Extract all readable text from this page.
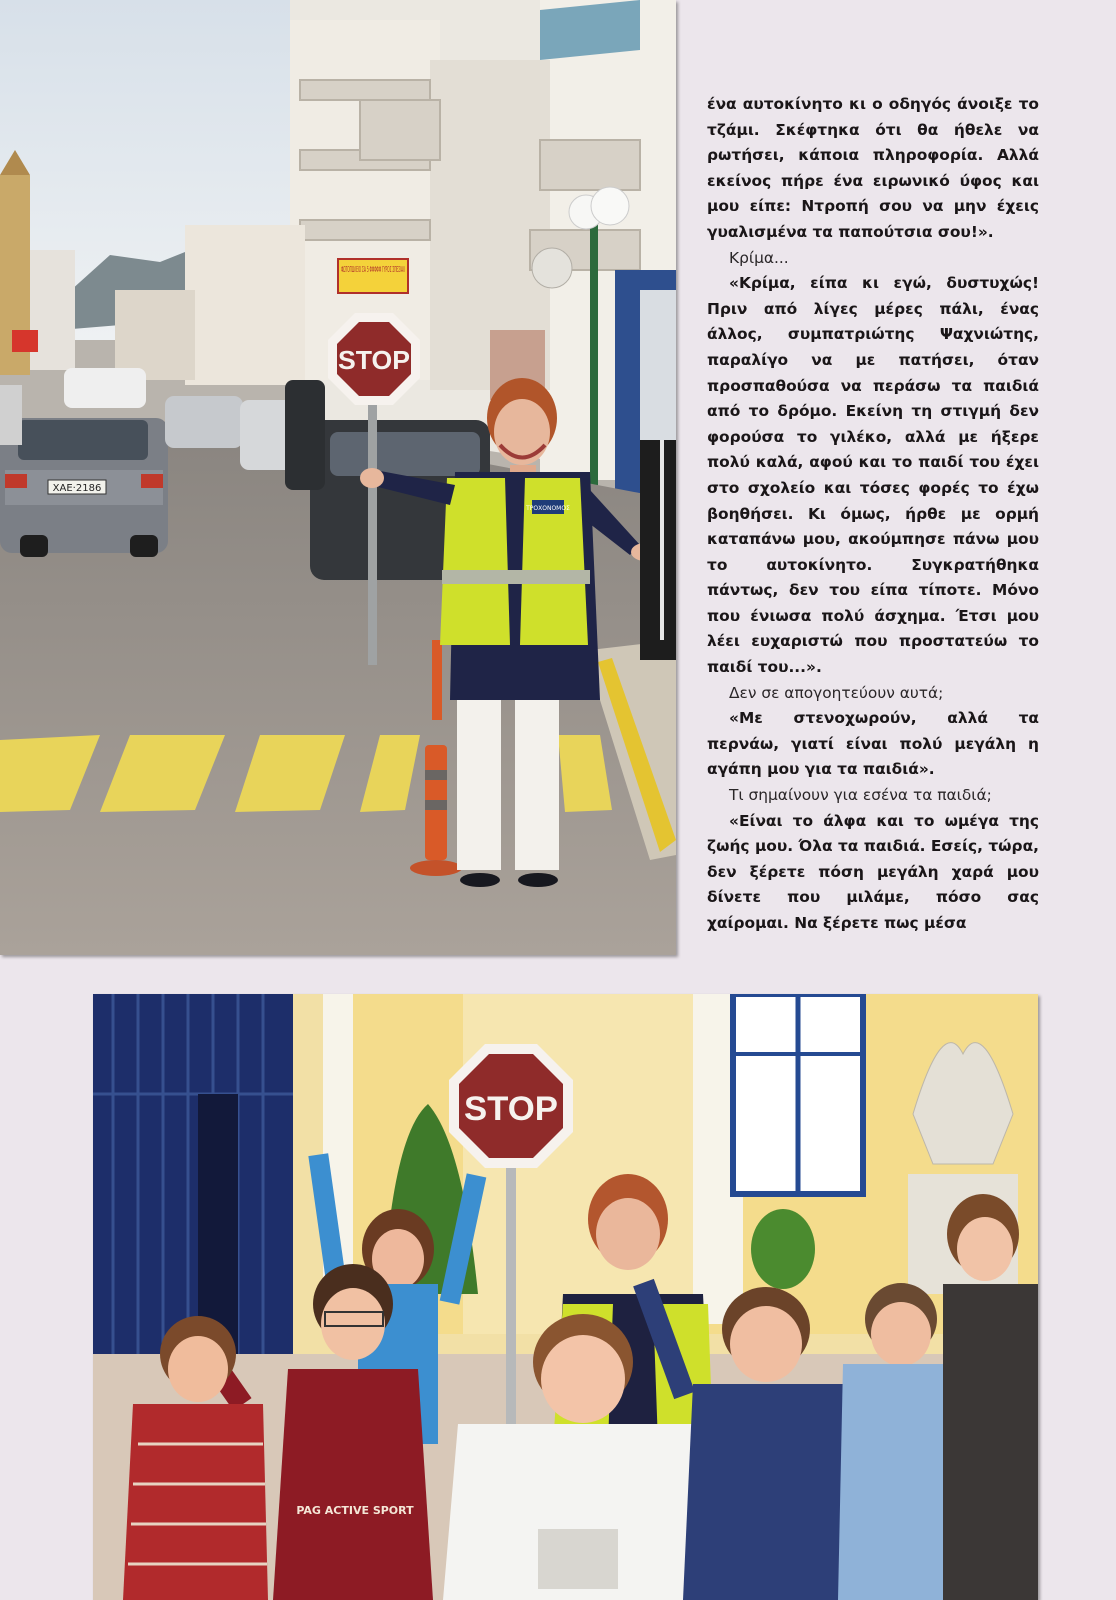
ΦΩΤΟΠΩΛΕΙΟ ΣΑ 5 ΦΦΦΦΦ ΓΥΡΟΣ ΣΠΕΣΙΑΛ
ΧΑΕ·2186
STOP
ΤΡΟΧΟΝΟΜΟΣ

ένα αυτοκίνητο κι ο οδηγός άνοιξε το τζάμι. Σκέφτηκα ότι θα ήθελε να ρωτήσει, κάποια πληροφορία. Αλλά εκείνος πήρε ένα ειρωνικό ύφος και μου είπε: Ντροπή σου να μην έχεις γυαλισμένα τα παπούτσια σου!».

Κρίμα...

«Κρίμα, είπα κι εγώ, δυστυχώς! Πριν από λίγες μέρες πάλι, ένας άλλος, συμπατριώτης Ψαχνιώτης, παραλίγο να με πατήσει, όταν προσπαθούσα να περάσω τα παιδιά από το δρόμο. Εκείνη τη στιγμή δεν φορούσα το γιλέκο, αλλά με ήξερε πολύ καλά, αφού και το παιδί του έχει στο σχολείο και τόσες φορές το έχω βοηθήσει. Κι όμως, ήρθε με ορμή καταπάνω μου, ακούμπησε πάνω μου το αυτοκίνητο. Συγκρατήθηκα πάντως, δεν του είπα τίποτε. Μόνο που ένιωσα πολύ άσχημα. Έτσι μου λέει ευχαριστώ που προστατεύω το παιδί του...».

Δεν σε απογοητεύουν αυτά;

«Με στενοχωρούν, αλλά τα περνάω, γιατί είναι πολύ μεγάλη η αγάπη μου για τα παιδιά».

Τι σημαίνουν για εσένα τα παιδιά;

«Είναι το άλφα και το ωμέγα της ζωής μου. Όλα τα παιδιά. Εσείς, τώρα, δεν ξέρετε πόση μεγάλη χαρά μου δίνετε που μιλάμε, πόσο σας χαίρομαι. Να ξέρετε πως μέσα

STOP
PAG ACTIVE SPORT
